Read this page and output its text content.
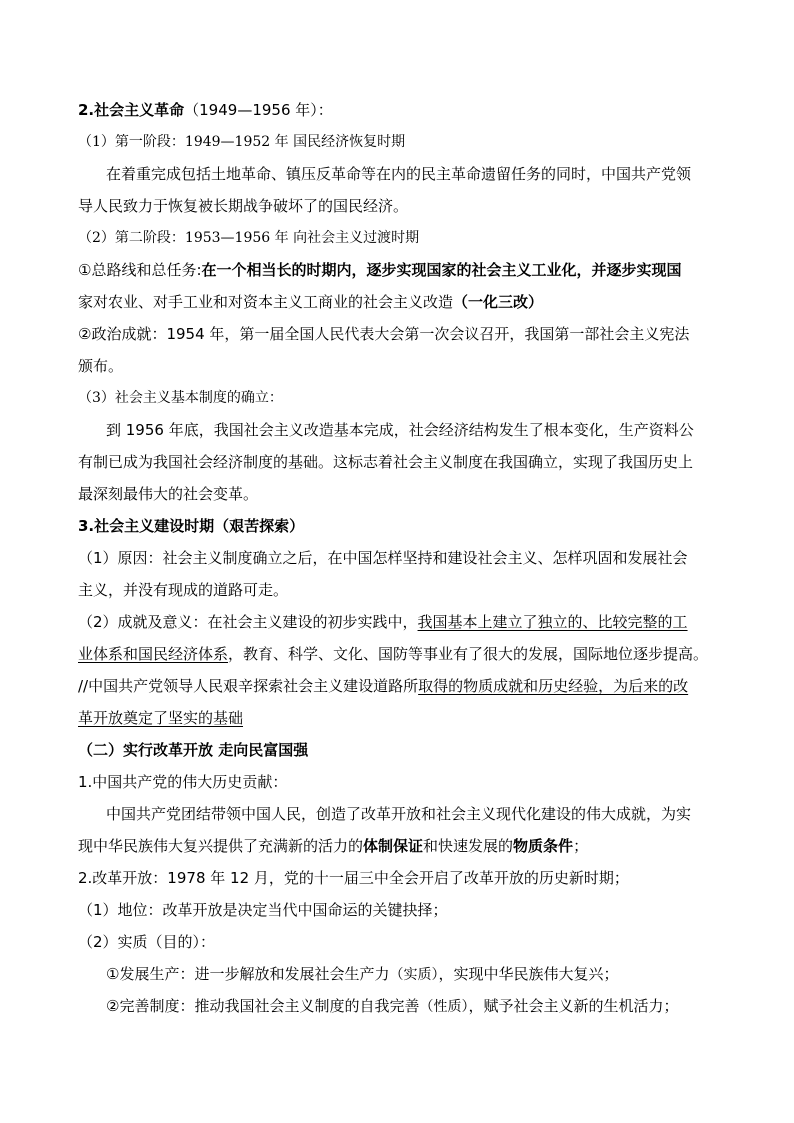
2.社会主义革命（1949—1956 年）：
（1）第一阶段：1949—1952 年 国民经济恢复时期
在着重完成包括土地革命、镇压反革命等在内的民主革命遗留任务的同时，中国共产党领
导人民致力于恢复被长期战争破坏了的国民经济。
（2）第二阶段：1953—1956 年 向社会主义过渡时期
①总路线和总任务:在一个相当长的时期内，逐步实现国家的社会主义工业化，并逐步实现国
家对农业、对手工业和对资本主义工商业的社会主义改造（一化三改）
②政治成就：1954 年，第一届全国人民代表大会第一次会议召开，我国第一部社会主义宪法
颁布。
（3）社会主义基本制度的确立：
到 1956 年底，我国社会主义改造基本完成，社会经济结构发生了根本变化，生产资料公
有制已成为我国社会经济制度的基础。这标志着社会主义制度在我国确立，实现了我国历史上
最深刻最伟大的社会变革。
3.社会主义建设时期（艰苦探索）
（1）原因：社会主义制度确立之后，在中国怎样坚持和建设社会主义、怎样巩固和发展社会
主义，并没有现成的道路可走。
（2）成就及意义：在社会主义建设的初步实践中，我国基本上建立了独立的、比较完整的工
业体系和国民经济体系，教育、科学、文化、国防等事业有了很大的发展，国际地位逐步提高。
//中国共产党领导人民艰辛探索社会主义建设道路所取得的物质成就和历史经验，为后来的改
革开放奠定了坚实的基础
（二）实行改革开放 走向民富国强
1.中国共产党的伟大历史贡献：
中国共产党团结带领中国人民，创造了改革开放和社会主义现代化建设的伟大成就，为实
现中华民族伟大复兴提供了充满新的活力的体制保证和快速发展的物质条件；
2.改革开放：1978 年 12 月，党的十一届三中全会开启了改革开放的历史新时期；
（1）地位：改革开放是决定当代中国命运的关键抉择；
（2）实质（目的）：
①发展生产：进一步解放和发展社会生产力（实质），实现中华民族伟大复兴；
②完善制度：推动我国社会主义制度的自我完善（性质），赋予社会主义新的生机活力；
